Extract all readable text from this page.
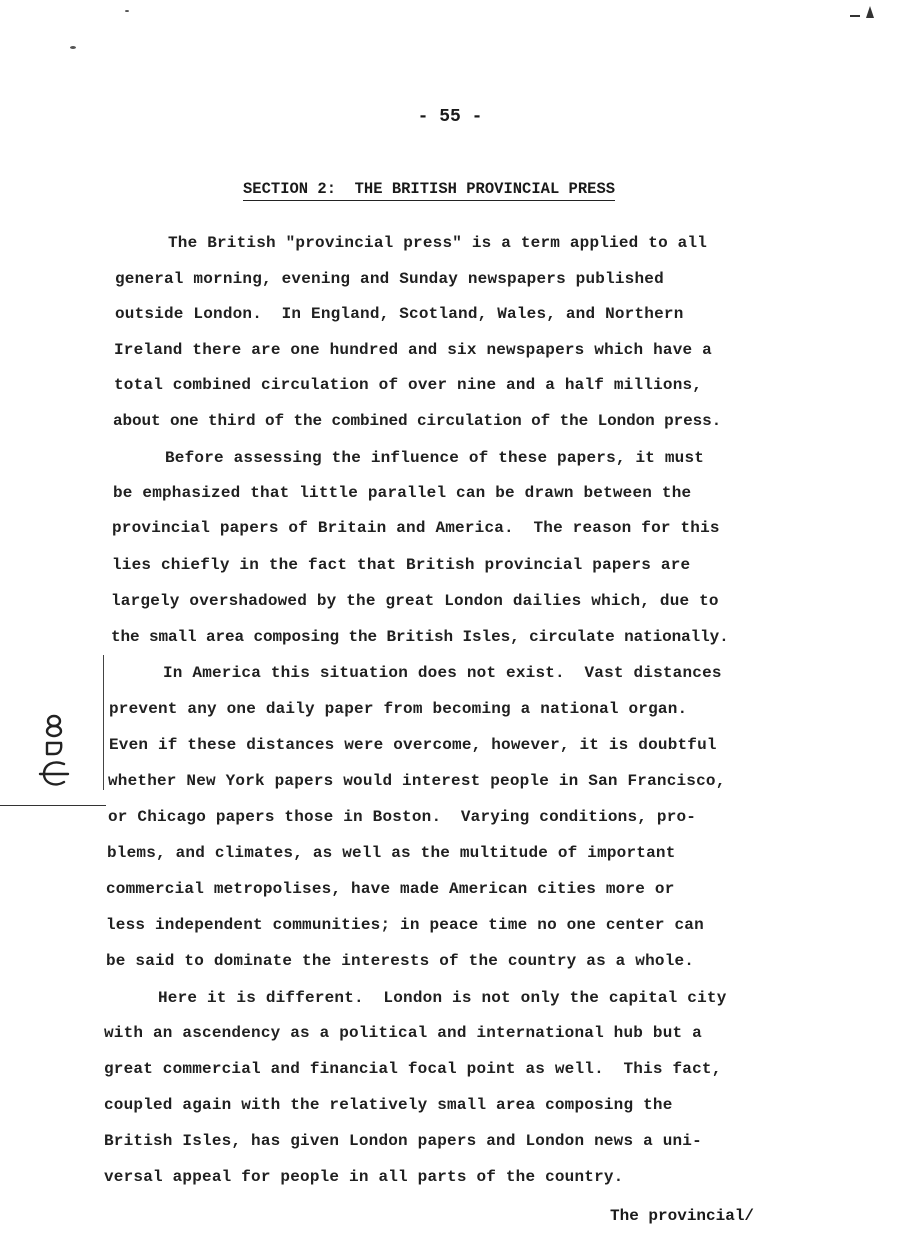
- 55 -
SECTION 2:  THE BRITISH PROVINCIAL PRESS
The British "provincial press" is a term applied to all
general morning, evening and Sunday newspapers published
outside London.  In England, Scotland, Wales, and Northern
Ireland there are one hundred and six newspapers which have a
total combined circulation of over nine and a half millions,
about one third of the combined circulation of the London press.
Before assessing the influence of these papers, it must
be emphasized that little parallel can be drawn between the
provincial papers of Britain and America.  The reason for this
lies chiefly in the fact that British provincial papers are
largely overshadowed by the great London dailies which, due to
the small area composing the British Isles, circulate nationally.
In America this situation does not exist.  Vast distances
prevent any one daily paper from becoming a national organ.
Even if these distances were overcome, however, it is doubtful
whether New York papers would interest people in San Francisco,
or Chicago papers those in Boston.  Varying conditions, pro-
blems, and climates, as well as the multitude of important
commercial metropolises, have made American cities more or
less independent communities; in peace time no one center can
be said to dominate the interests of the country as a whole.
Here it is different.  London is not only the capital city
with an ascendency as a political and international hub but a
great commercial and financial focal point as well.  This fact,
coupled again with the relatively small area composing the
British Isles, has given London papers and London news a uni-
versal appeal for people in all parts of the country.
The provincial/
